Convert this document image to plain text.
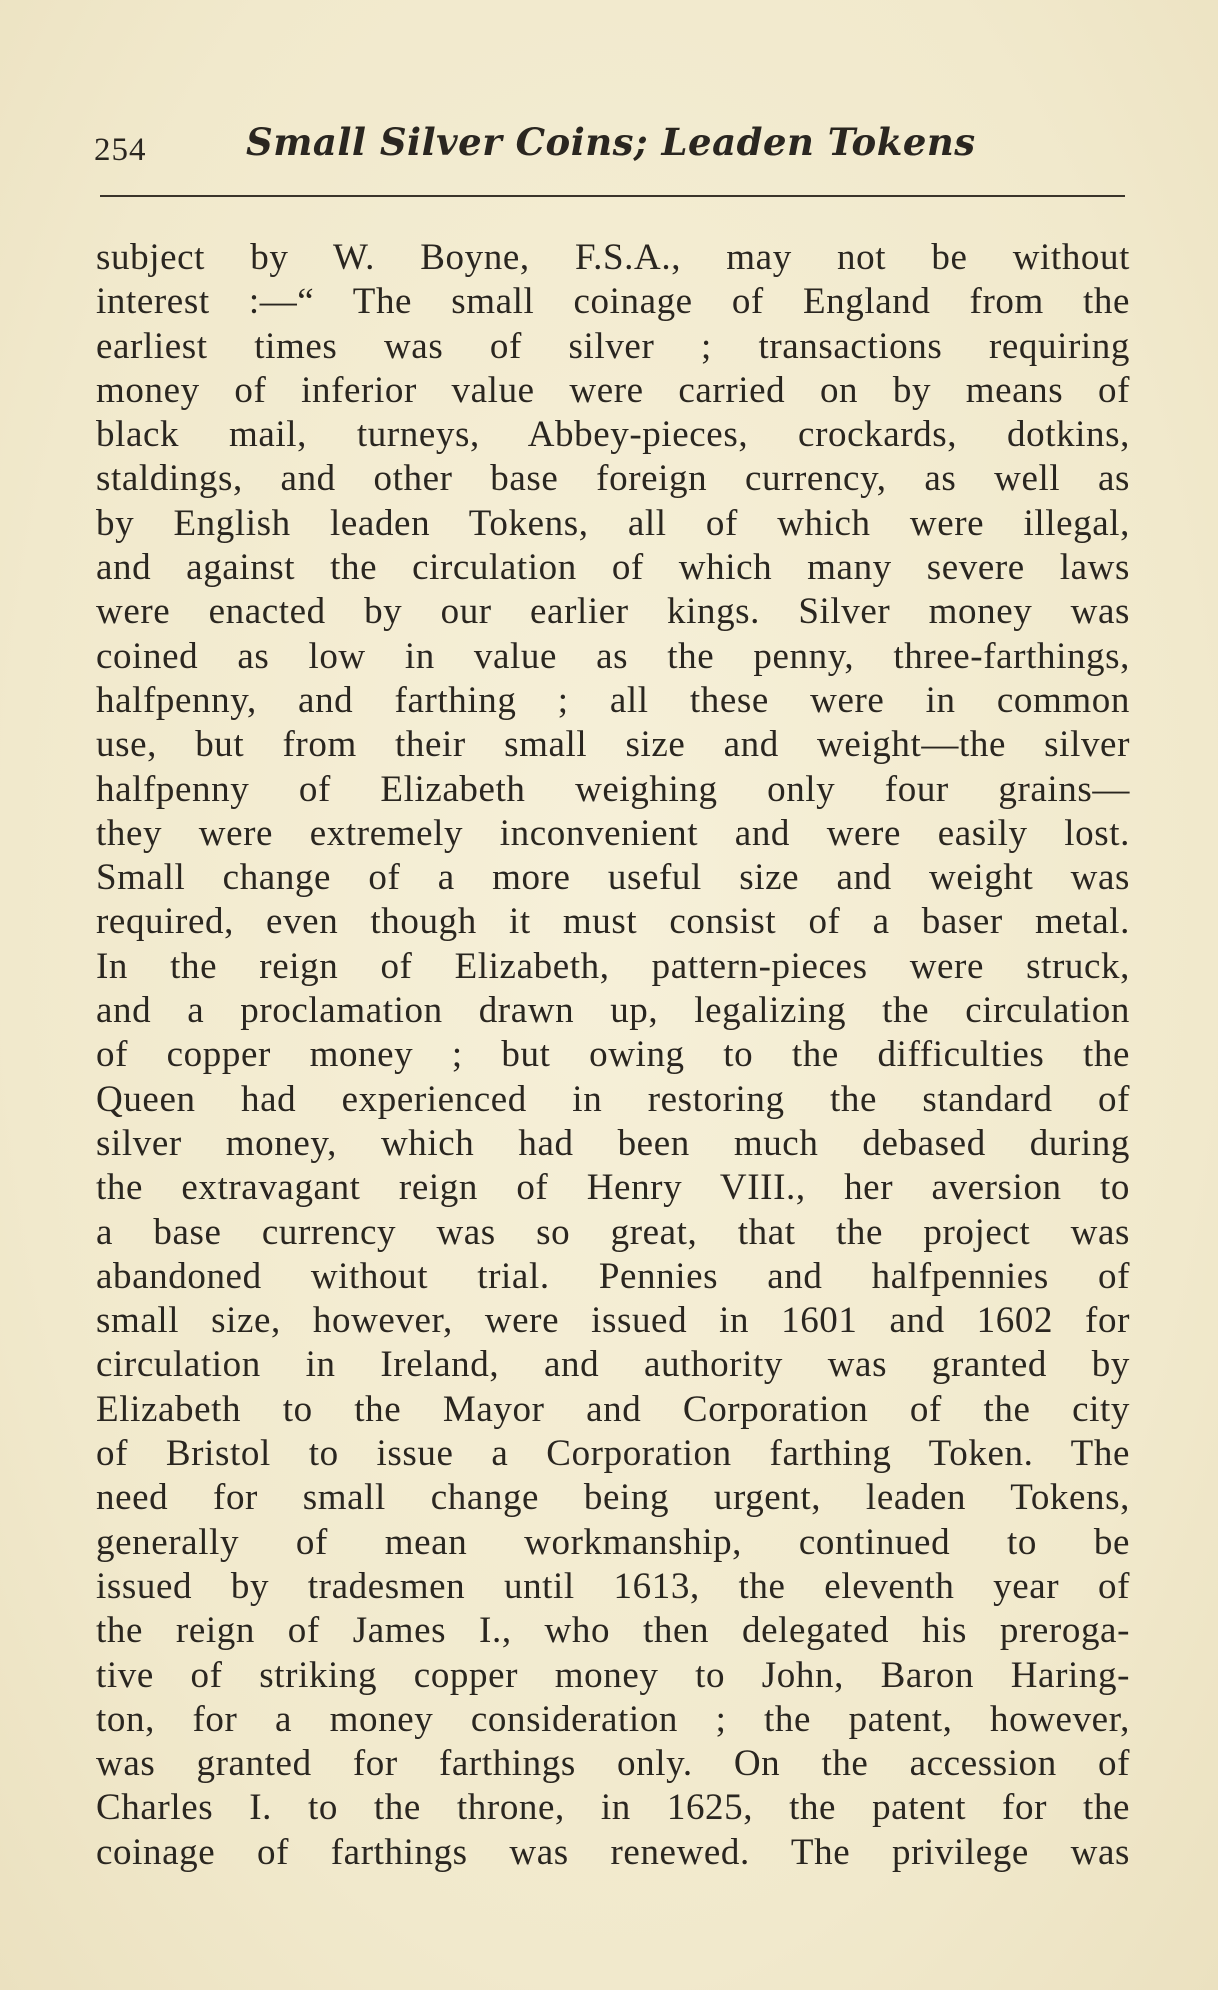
254	Small Silver Coins; Leaden Tokens
subject by W. Boyne, F.S.A., may not be without
interest :—“ The small coinage of England from the
earliest times was of silver ; transactions requiring
money of inferior value were carried on by means of
black mail, turneys, Abbey-pieces, crockards, dotkins,
staldings, and other base foreign currency, as well as
by English leaden Tokens, all of which were illegal,
and against the circulation of which many severe laws
were enacted by our earlier kings. Silver money was
coined as low in value as the penny, three-farthings,
halfpenny, and farthing ; all these were in common
use, but from their small size and weight—the silver
halfpenny of Elizabeth weighing only four grains—
they were extremely inconvenient and were easily lost.
Small change of a more useful size and weight was
required, even though it must consist of a baser metal.
In the reign of Elizabeth, pattern-pieces were struck,
and a proclamation drawn up, legalizing the circulation
of copper money ; but owing to the difficulties the
Queen had experienced in restoring the standard of
silver money, which had been much debased during
the extravagant reign of Henry VIII., her aversion to
a base currency was so great, that the project was
abandoned without trial. Pennies and halfpennies of
small size, however, were issued in 1601 and 1602 for
circulation in Ireland, and authority was granted by
Elizabeth to the Mayor and Corporation of the city
of Bristol to issue a Corporation farthing Token. The
need for small change being urgent, leaden Tokens,
generally of mean workmanship, continued to be
issued by tradesmen until 1613, the eleventh year of
the reign of James I., who then delegated his preroga-
tive of striking copper money to John, Baron Haring-
ton, for a money consideration ; the patent, however,
was granted for farthings only. On the accession of
Charles I. to the throne, in 1625, the patent for the
coinage of farthings was renewed. The privilege was
